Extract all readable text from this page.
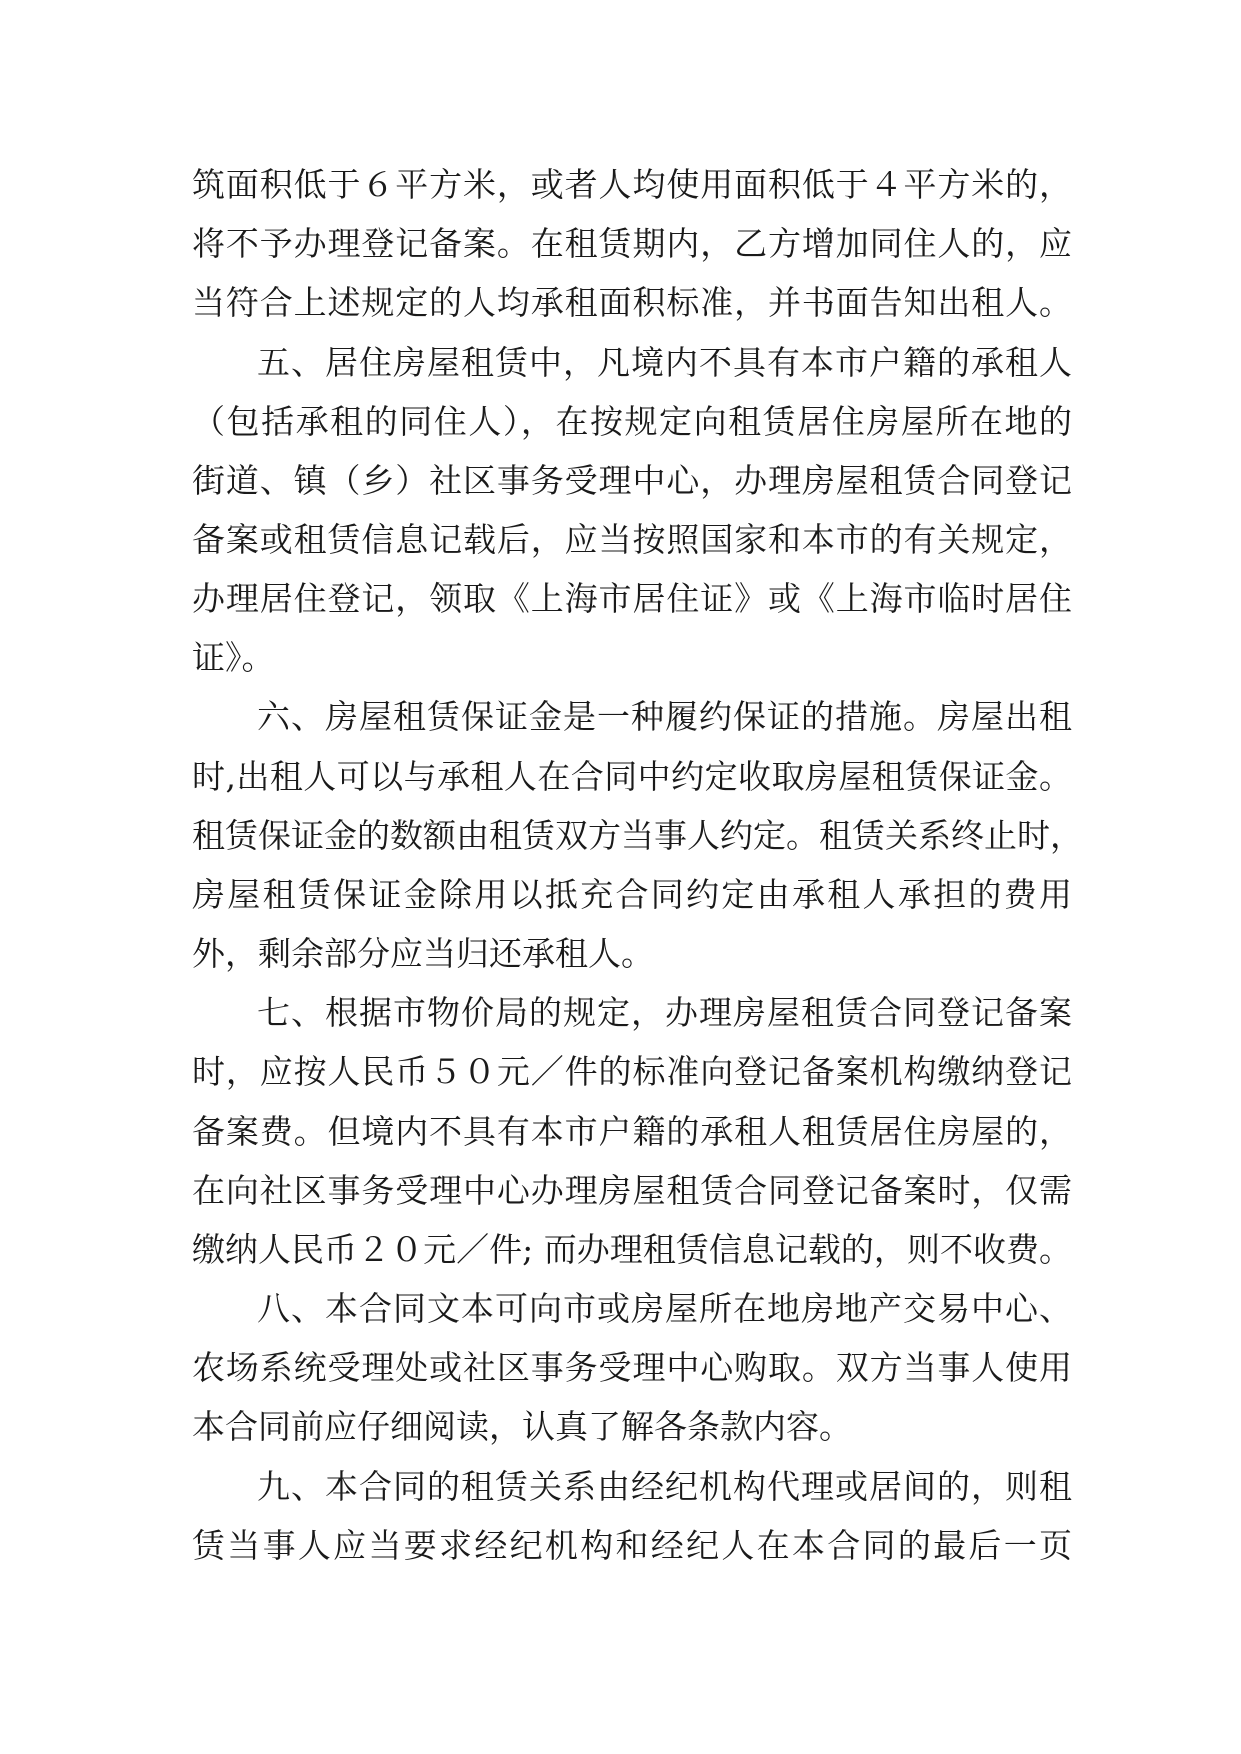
筑面积低于６平方米，或者人均使用面积低于４平方米的，
将不予办理登记备案。在租赁期内，乙方增加同住人的，应
当符合上述规定的人均承租面积标准，并书面告知出租人。
五、居住房屋租赁中，凡境内不具有本市户籍的承租人
（包括承租的同住人），在按规定向租赁居住房屋所在地的
街道、镇（乡）社区事务受理中心，办理房屋租赁合同登记
备案或租赁信息记载后，应当按照国家和本市的有关规定，
办理居住登记，领取《上海市居住证》或《上海市临时居住
证》。
六、房屋租赁保证金是一种履约保证的措施。房屋出租
时,出租人可以与承租人在合同中约定收取房屋租赁保证金。
租赁保证金的数额由租赁双方当事人约定。租赁关系终止时，
房屋租赁保证金除用以抵充合同约定由承租人承担的费用
外，剩余部分应当归还承租人。
七、根据市物价局的规定，办理房屋租赁合同登记备案
时，应按人民币５０元／件的标准向登记备案机构缴纳登记
备案费。但境内不具有本市户籍的承租人租赁居住房屋的，
在向社区事务受理中心办理房屋租赁合同登记备案时，仅需
缴纳人民币２０元／件; 而办理租赁信息记载的，则不收费。
八、本合同文本可向市或房屋所在地房地产交易中心、
农场系统受理处或社区事务受理中心购取。双方当事人使用
本合同前应仔细阅读，认真了解各条款内容。
九、本合同的租赁关系由经纪机构代理或居间的，则租
赁当事人应当要求经纪机构和经纪人在本合同的最后一页
